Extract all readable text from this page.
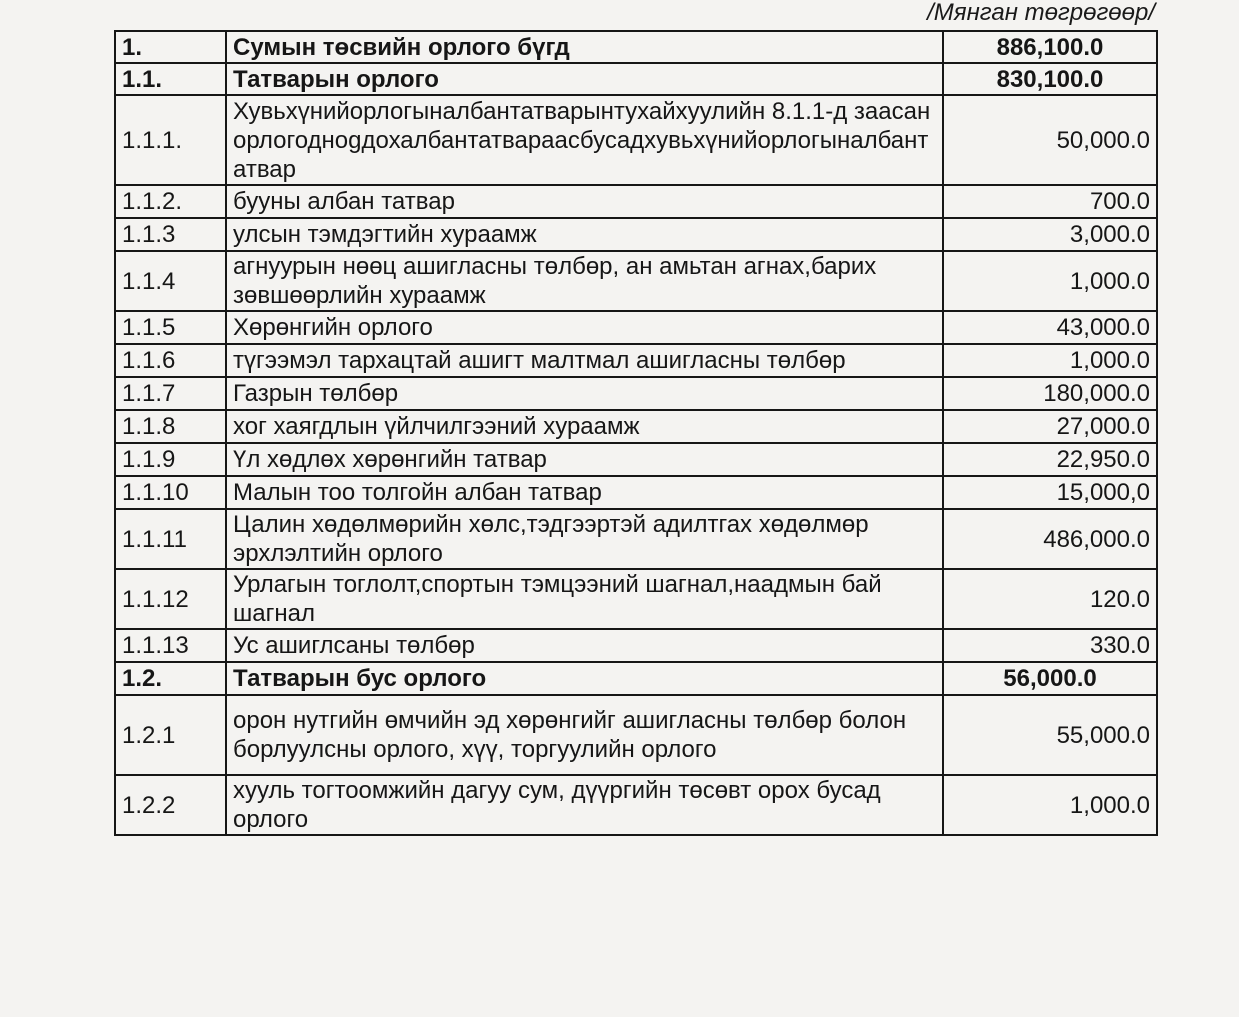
/Мянган төгрөгөөр/
1.	Сумын төсвийн орлого бүгд	886,100.0
1.1.	Татварын орлого	830,100.0
1.1.1.	Хувьхүнийорлогыналбантатварынтухайхуулийн 8.1.1-д заасанорлогоднogдохалбантатвараасбусадхувьхүнийорлогыналбантатвар	50,000.0
1.1.2.	бууны албан татвар	700.0
1.1.3	улсын тэмдэгтийн хураамж	3,000.0
1.1.4	агнуурын нөөц ашигласны төлбөр, ан амьтан агнах,барих зөвшөөрлийн хураамж	1,000.0
1.1.5	Хөрөнгийн орлого	43,000.0
1.1.6	түгээмэл тархацтай ашигт малтмал ашигласны төлбөр	1,000.0
1.1.7	Газрын төлбөр	180,000.0
1.1.8	хог хаягдлын үйлчилгээний хураамж	27,000.0
1.1.9	Үл хөдлөх хөрөнгийн татвар	22,950.0
1.1.10	Малын тоо толгойн албан татвар	15,000,0
1.1.11	Цалин хөдөлмөрийн хөлс,тэдгээртэй адилтгах хөдөлмөр эрхлэлтийн орлого	486,000.0
1.1.12	Урлагын тоглолт,спортын тэмцээний шагнал,наадмын бай шагнал	120.0
1.1.13	Ус ашиглсаны төлбөр	330.0
1.2.	Татварын бус орлого	56,000.0
1.2.1	орон нутгийн өмчийн эд хөрөнгийг ашигласны төлбөр болон борлуулсны орлого, хүү, торгуулийн орлого	55,000.0
1.2.2	хууль тогтоомжийн дагуу сум, дүүргийн төсөвт орох бусад орлого	1,000.0
